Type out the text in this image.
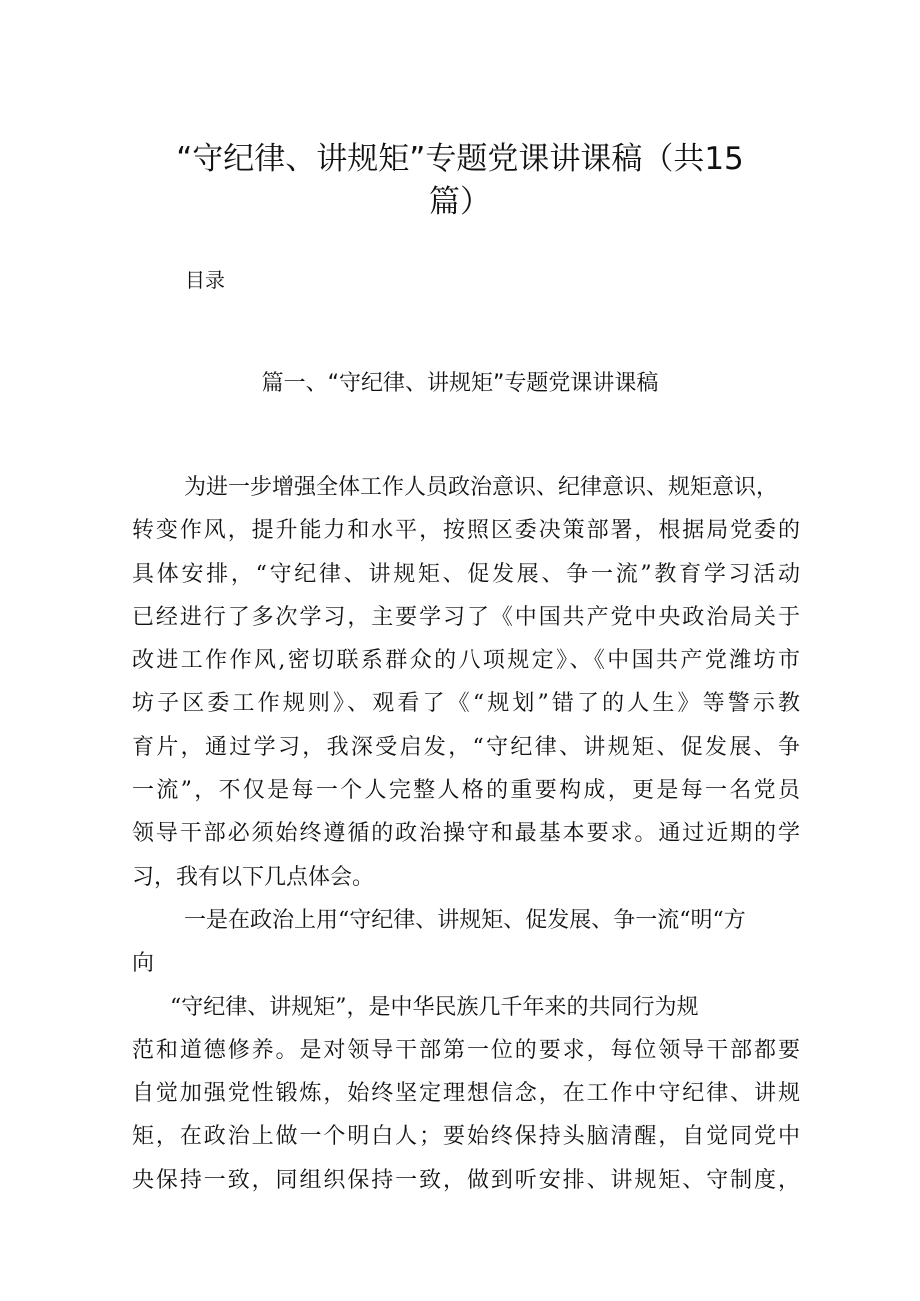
“守纪律、讲规矩”专题党课讲课稿（共15
篇）
目录
篇一、“守纪律、讲规矩”专题党课讲课稿
为进一步增强全体工作人员政治意识、纪律意识、规矩意识，
转变作风，提升能力和水平，按照区委决策部署，根据局党委的
具体安排，“守纪律、讲规矩、促发展、争一流”教育学习活动
已经进行了多次学习，主要学习了《中国共产党中央政治局关于
改进工作作风,密切联系群众的八项规定》、《中国共产党潍坊市
坊子区委工作规则》、观看了《“规划”错了的人生》等警示教
育片，通过学习，我深受启发，“守纪律、讲规矩、促发展、争
一流”，不仅是每一个人完整人格的重要构成，更是每一名党员
领导干部必须始终遵循的政治操守和最基本要求。通过近期的学
习，我有以下几点体会。
一是在政治上用“守纪律、讲规矩、促发展、争一流“明“方
向
“守纪律、讲规矩”，是中华民族几千年来的共同行为规
范和道德修养。是对领导干部第一位的要求，每位领导干部都要
自觉加强党性锻炼，始终坚定理想信念，在工作中守纪律、讲规
矩，在政治上做一个明白人；要始终保持头脑清醒，自觉同党中
央保持一致，同组织保持一致，做到听安排、讲规矩、守制度，
